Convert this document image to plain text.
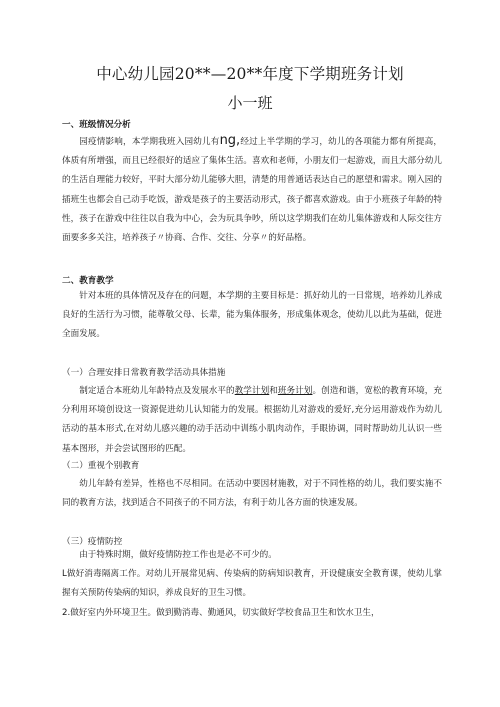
中心幼儿园20**—20**年度下学期班务计划
小一班
一、班级情况分析

园疫情影响，本学期我班入园幼儿有ng,经过上半学期的学习，幼儿的各项能力都有所提高，体质有所增强，而且已经很好的适应了集体生活。喜欢和老师，小朋友们一起游戏，而且大部分幼儿的生活自理能力较好，平时大部分幼儿能够大胆，清楚的用普通话表达自己的愿望和需求。刚入园的插班生也都会自己动手吃饭，游戏是孩子的主要活动形式，孩子都喜欢游戏。由于小班孩子年龄的特性，孩子在游戏中往往以自我为中心，会为玩具争吵，所以这学期我们在幼儿集体游戏和人际交往方面要多多关注，培养孩子〃协商、合作、交往、分享〃的好品格。

二、教育教学

针对本班的具体情况及存在的问题，本学期的主要目标是：抓好幼儿的一日常规，培养幼儿养成良好的生活行为习惯，能尊敬父母、长辈，能为集体服务，形成集体观念，使幼儿以此为基础，促进全面发展。

（一）合理安排日常教育教学活动具体措施

制定适合本班幼儿年龄特点及发展水平的教学计划和班务计划。创造和谐，宽松的教育环境，充分利用环境创设这一资源促进幼儿认知能力的发展。根据幼儿对游戏的爱好,充分运用游戏作为幼儿活动的基本形式,在对幼儿感兴趣的动手活动中训练小肌肉动作，手眼协调，同时帮助幼儿认识一些基本图形，并会尝试图形的匹配。

（二）重视个别教育

幼儿年龄有差异，性格也不尽相同。在活动中要因材施教，对于不同性格的幼儿，我们要实施不同的教育方法，找到适合不同孩子的不同方法，有利于幼儿各方面的快速发展。

（三）疫情防控

由于特殊时期，做好疫情防控工作也是必不可少的。

L做好消毒隔离工作。对幼儿开展常见病、传染病的防病知识教育，开设健康安全教育课，使幼儿掌握有关预防传染病的知识，养成良好的卫生习惯。

2.做好室内外环境卫生。做到勤消毒、勤通风，切实做好学校食品卫生和饮水卫生，
